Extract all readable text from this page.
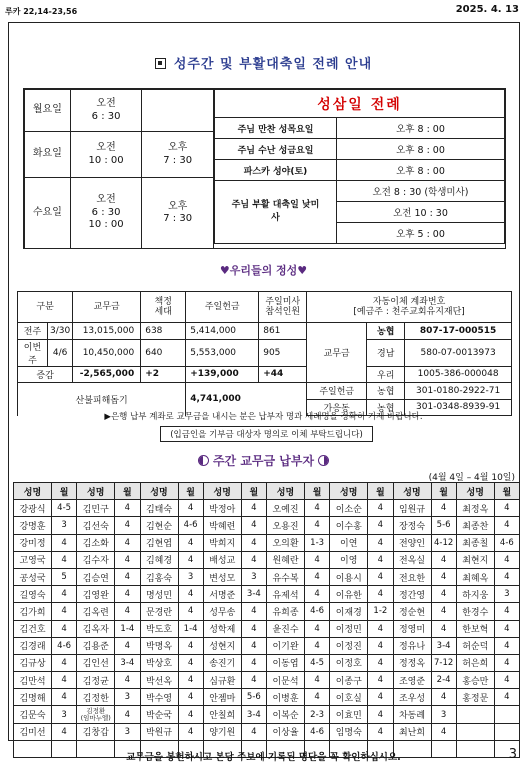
루카 22,14-23,56	2025. 4. 13
성주간 및 부활대축일 전례 안내
월요일	오전
6 : 30	
화요일	오전
10 : 00	오후
7 : 30
수요일	오전
6 : 30
10 : 00	오후
7 : 30
성삼일 전례	
주님 만찬 성목요일	오후 8 : 00
주님 수난 성금요일	오후 8 : 00
파스카 성야(토)	오후 8 : 00
주님 부활 대축일 낮미사	오전 8 : 30 (학생미사)
	오전 10 : 30
	오후 5 : 00
♥우리들의 정성♥
구분		교무금	책정 세대	주일헌금	주일미사 참석인원	자동이체 계좌번호
[예금주 : 천주교회유지재단]		
전주	3/30	13,015,000	638	5,414,000	861	교무금	농협	807-17-000515
이번주	4/6	10,450,000	640	5,553,000	905		경남	580-07-0013973
증감		-2,565,000	+2	+139,000	+44		우리	1005-386-000048
산불피해돕기				4,741,000			
						주일헌금	농협	301-0180-2922-71
						가응동	농협	301-0348-8939-91
▶은행 납부 계좌로 교무금을 내시는 분은 납부자 명과 세례명을 정확히 기재 바랍니다.
(입금인을 기부금 대상자 명의로 이체 부탁드립니다)
주간 교무금 납부자
(4월 4일 – 4월 10일)
성명	월	성명	월	성명	월	성명	월	성명	월	성명	월	성명	월	성명	월
강광식	4-5	김민구	4	김태숙	4	박정아	4	오예진	4	이소순	4	임원규	4	최정옥	4
강명훈	3	김선숙	4	김현순	4-6	박혜련	4	오용진	4	이수홍	4	장정숙	5-6	최종찬	4
강미정	4	김소화	4	김현엽	4	박희지	4	오의환	1-3	이연	4	전양인	4-12	최종칠	4-6
고영국	4	김수자	4	김혜경	4	배성교	4	원혜란	4	이영	4	전옥실	4	최현지	4
공성국	5	김승연	4	김홍숙	3	변성모	3	유수복	4	이용시	4	전요한	4	최혜옥	4
길영숙	4	김영완	4	명성민	4	서명준	3-4	유제석	4	이유한	4	정간영	4	하지웅	3
김가희	4	김옥련	4	문경란	4	성무송	4	유희종	4-6	이재경	1-2	정순현	4	한경수	4
김건호	4	김옥자	1-4	박도호	1-4	성학제	4	윤진수	4	이정민	4	정영미	4	한보혁	4
김경래	4-6	김용준	4	박명옥	4	성현지	4	이기완	4	이정진	4	정유나	3-4	허순덕	4
김규상	4	김인선	3-4	박상호	4	송진기	4	이동엽	4-5	이정호	4	정정옥	7-12	허은희	4
김만석	4	김정균	4	박선옥	4	심규환	4	이문석	4	이종구	4	조영준	2-4	홍승만	4
김명해	4	김정한	3	박수영	4	안젬마	5-6	이병훈	4	이호실	4	조우성	4	홍정문	4
김문숙	3	김정환
(임마누엘)	4	박순국	4	안칠희	3-4	이복순	2-3	이효민	4	차동례	3		
김미선	4	김창갑	3	박원규	4	양기원	4	이상율	4-6	임명숙	4	최난희	4		

교무금을 봉헌하시고 본당 주보에 기록된 명단을 꼭 확인하십시오.	3
